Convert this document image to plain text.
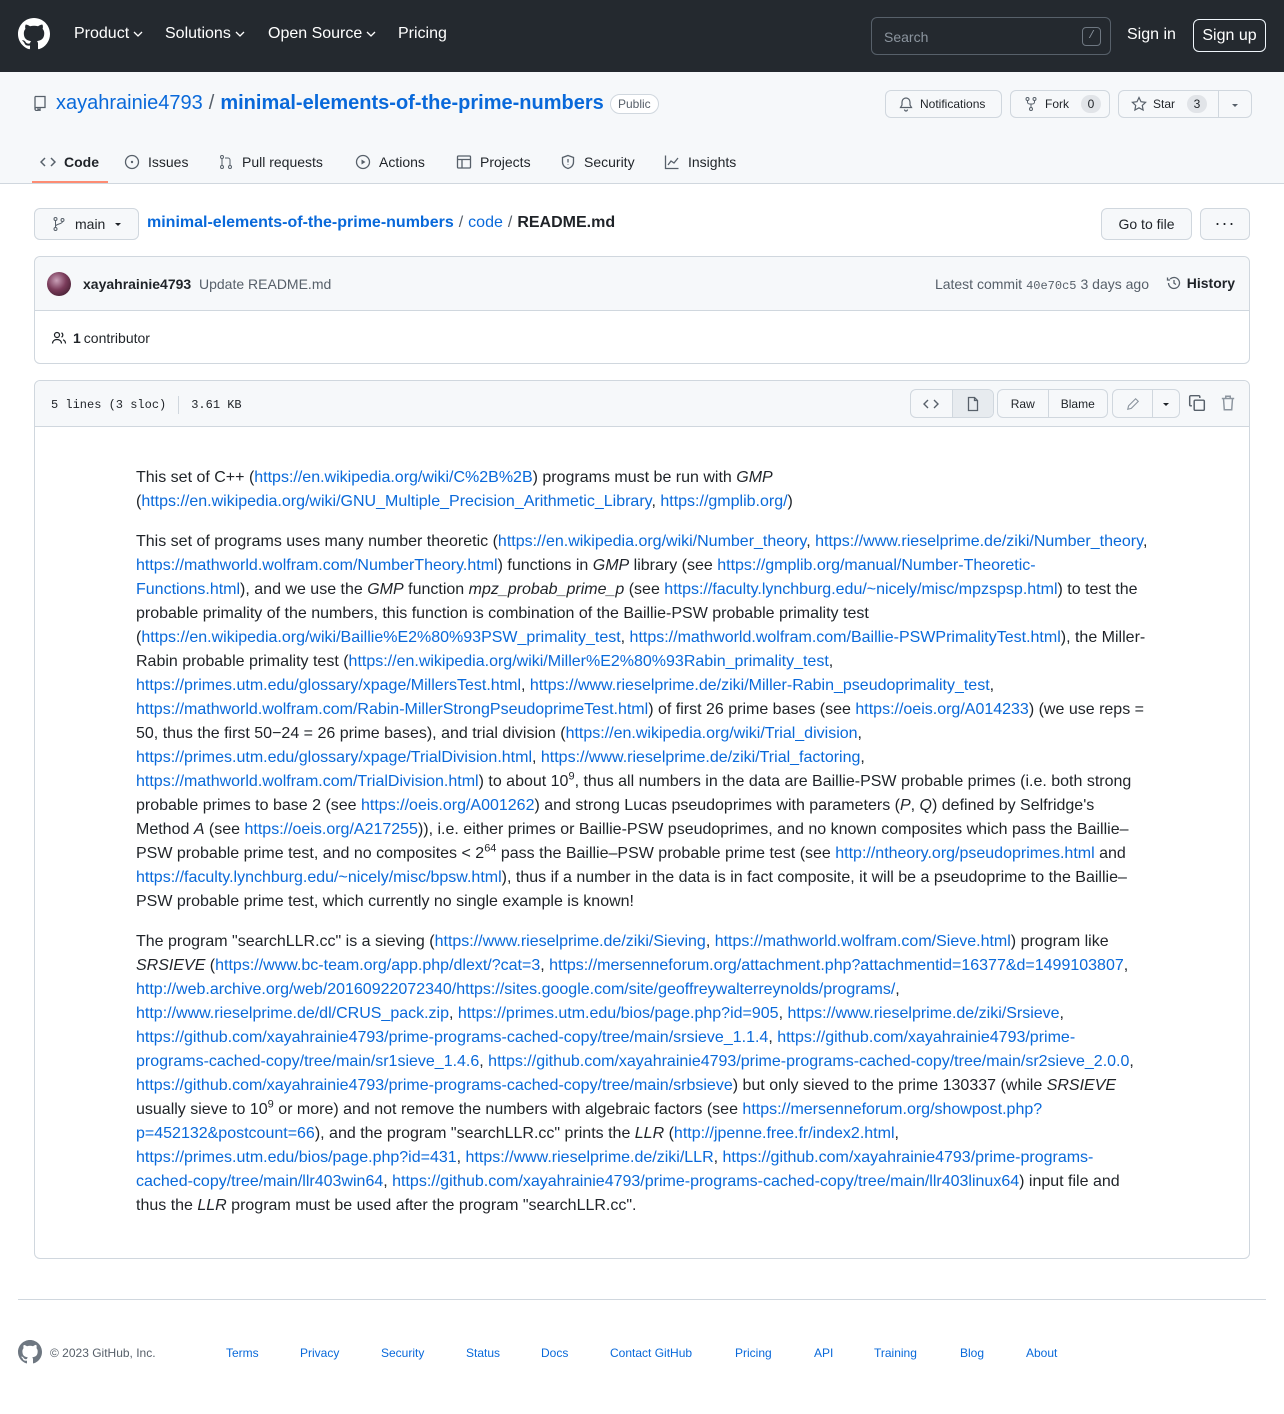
Product Solutions Open Source Pricing	Search	/	Sign in	Sign up
xayahrainie4793 / minimal-elements-of-the-prime-numbers	Public	Notifications	Fork	0	Star	3
Code	Issues	Pull requests	Actions	Projects	Security	Insights
main	minimal-elements-of-the-prime-numbers / code / README.md	Go to file	···
xayahrainie4793 Update README.md	Latest commit 40e70c5 3 days ago	History
1 contributor
5 lines (3 sloc) 3.61 KB	Raw	Blame

This set of C++ (https://en.wikipedia.org/wiki/C%2B%2B) programs must be run with GMP (https://en.wikipedia.org/wiki/GNU_Multiple_Precision_Arithmetic_Library, https://gmplib.org/)

This set of programs uses many number theoretic (https://en.wikipedia.org/wiki/Number_theory, https://www.rieselprime.de/ziki/Number_theory, https://mathworld.wolfram.com/NumberTheory.html) functions in GMP library (see https://gmplib.org/manual/Number-Theoretic-Functions.html), and we use the GMP function mpz_probab_prime_p (see https://faculty.lynchburg.edu/~nicely/misc/mpzspsp.html) to test the probable primality of the numbers, this function is combination of the Baillie-PSW probable primality test (https://en.wikipedia.org/wiki/Baillie%E2%80%93PSW_primality_test, https://mathworld.wolfram.com/Baillie-PSWPrimalityTest.html), the Miller-Rabin probable primality test (https://en.wikipedia.org/wiki/Miller%E2%80%93Rabin_primality_test, https://primes.utm.edu/glossary/xpage/MillersTest.html, https://www.rieselprime.de/ziki/Miller-Rabin_pseudoprimality_test, https://mathworld.wolfram.com/Rabin-MillerStrongPseudoprimeTest.html) of first 26 prime bases (see https://oeis.org/A014233) (we use reps = 50, thus the first 50−24 = 26 prime bases), and trial division (https://en.wikipedia.org/wiki/Trial_division, https://primes.utm.edu/glossary/xpage/TrialDivision.html, https://www.rieselprime.de/ziki/Trial_factoring, https://mathworld.wolfram.com/TrialDivision.html) to about $10^9$, thus all numbers in the data are Baillie-PSW probable primes (i.e. both strong probable primes to base 2 (see https://oeis.org/A001262) and strong Lucas pseudoprimes with parameters (P, Q) defined by Selfridge's Method A (see https://oeis.org/A217255)), i.e. either primes or Baillie-PSW pseudoprimes, and no known composites which pass the Baillie–PSW probable prime test, and no composites < $2^{64}$ pass the Baillie–PSW probable prime test (see http://ntheory.org/pseudoprimes.html and https://faculty.lynchburg.edu/~nicely/misc/bpsw.html), thus if a number in the data is in fact composite, it will be a pseudoprime to the Baillie–PSW probable prime test, which currently no single example is known!

The program "searchLLR.cc" is a sieving (https://www.rieselprime.de/ziki/Sieving, https://mathworld.wolfram.com/Sieve.html) program like SRSIEVE (https://www.bc-team.org/app.php/dlext/?cat=3, https://mersenneforum.org/attachment.php?attachmentid=16377&d=1499103807, http://web.archive.org/web/20160922072340/https://sites.google.com/site/geoffreywalterreynolds/programs/, http://www.rieselprime.de/dl/CRUS_pack.zip, https://primes.utm.edu/bios/page.php?id=905, https://www.rieselprime.de/ziki/Srsieve, https://github.com/xayahrainie4793/prime-programs-cached-copy/tree/main/srsieve_1.1.4, https://github.com/xayahrainie4793/prime-programs-cached-copy/tree/main/sr1sieve_1.4.6, https://github.com/xayahrainie4793/prime-programs-cached-copy/tree/main/sr2sieve_2.0.0, https://github.com/xayahrainie4793/prime-programs-cached-copy/tree/main/srbsieve) but only sieved to the prime 130337 (while SRSIEVE usually sieve to $10^9$ or more) and not remove the numbers with algebraic factors (see https://mersenneforum.org/showpost.php?p=452132&postcount=66), and the program "searchLLR.cc" prints the LLR (http://jpenne.free.fr/index2.html, https://primes.utm.edu/bios/page.php?id=431, https://www.rieselprime.de/ziki/LLR, https://github.com/xayahrainie4793/prime-programs-cached-copy/tree/main/llr403win64, https://github.com/xayahrainie4793/prime-programs-cached-copy/tree/main/llr403linux64) input file and thus the LLR program must be used after the program "searchLLR.cc".

© 2023 GitHub, Inc.	Terms	Privacy	Security	Status	Docs	Contact GitHub	Pricing	API	Training	Blog	About
